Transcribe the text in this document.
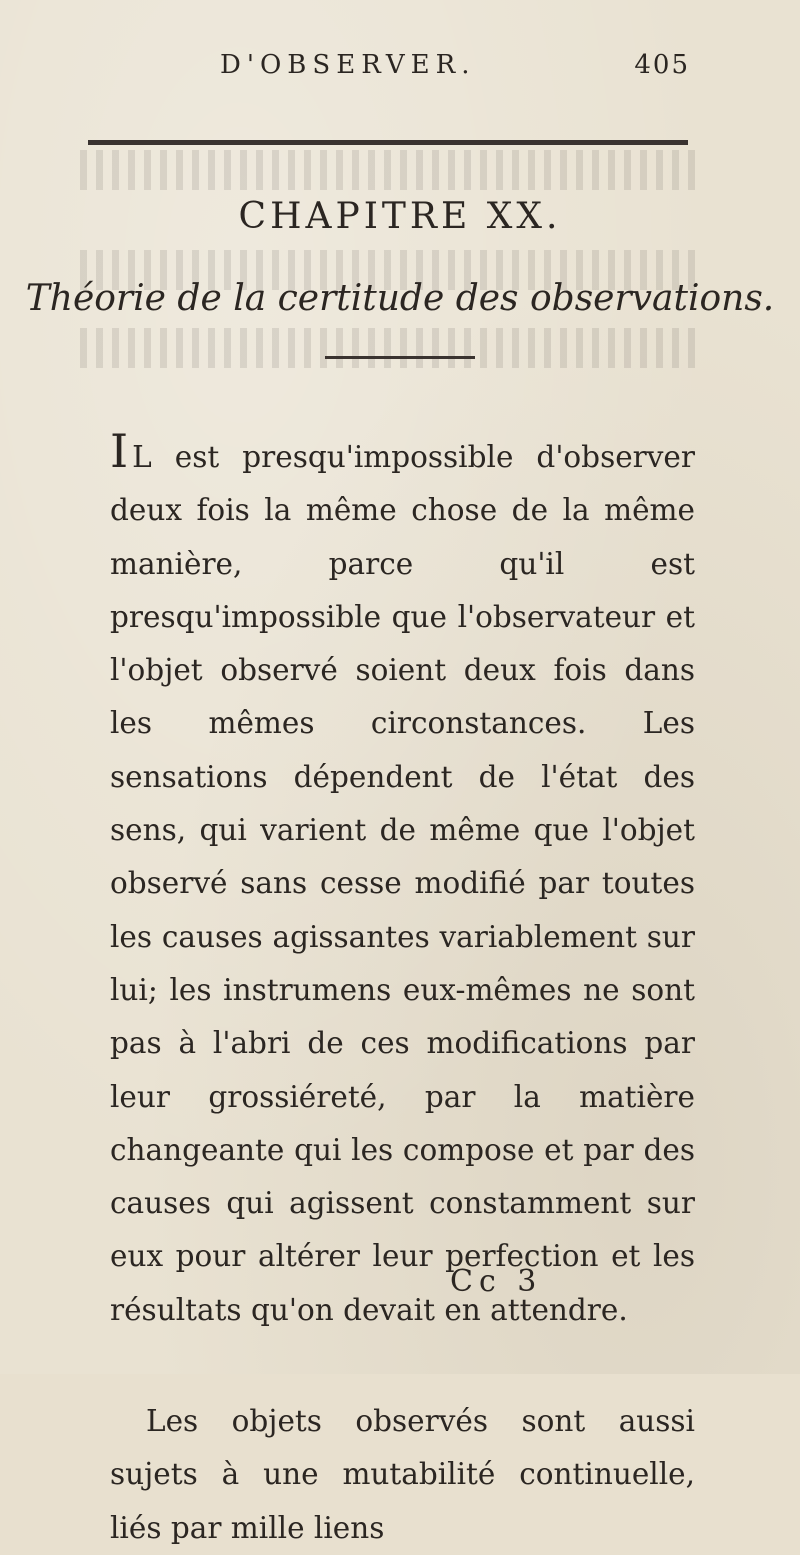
D'OBSERVER.	405
CHAPITRE XX.
Théorie de la certitude des observations.

I L est presqu'impossible d'observer deux fois la même chose de la même manière, parce qu'il est presqu'impossible que l'observateur et l'objet observé soient deux fois dans les mêmes circonstances. Les sensations dépendent de l'état des sens, qui varient de même que l'objet observé sans cesse modifié par toutes les causes agissantes variablement sur lui; les instrumens eux-mêmes ne sont pas à l'abri de ces modifications par leur grossiéreté, par la matière changeante qui les compose et par des causes qui agissent constamment sur eux pour altérer leur perfection et les résultats qu'on devait en attendre.

Les objets observés sont aussi sujets à une mutabilité continuelle, liés par mille liens

Cc 3
